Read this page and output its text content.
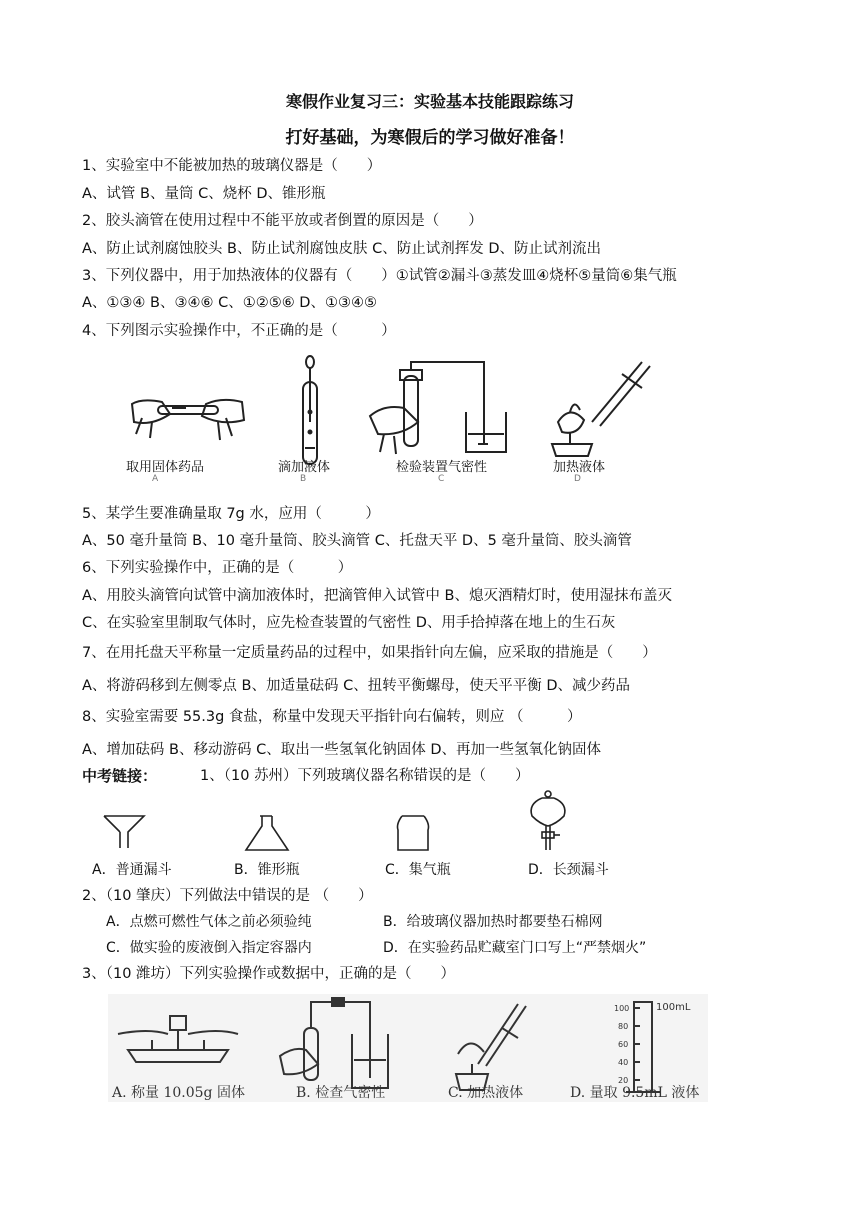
寒假作业复习三：实验基本技能跟踪练习
打好基础，为寒假后的学习做好准备！
1、实验室中不能被加热的玻璃仪器是（　　）
A、试管 B、量筒 C、烧杯 D、锥形瓶
2、胶头滴管在使用过程中不能平放或者倒置的原因是（　　）
A、防止试剂腐蚀胶头 B、防止试剂腐蚀皮肤 C、防止试剂挥发 D、防止试剂流出
3、下列仪器中，用于加热液体的仪器有（　　）①试管②漏斗③蒸发皿④烧杯⑤量筒⑥集气瓶
A、①③④ B、③④⑥ C、①②⑤⑥ D、①③④⑤
4、下列图示实验操作中，不正确的是（　　　）
取用固体药品	滴加液体	检验装置气密性	加热液体
A	B	C	D
5、某学生要准确量取 7g 水，应用（　　　）
A、50 毫升量筒 B、10 毫升量筒、胶头滴管 C、托盘天平 D、5 毫升量筒、胶头滴管
6、下列实验操作中，正确的是（　　　）
A、用胶头滴管向试管中滴加液体时，把滴管伸入试管中 B、熄灭酒精灯时，使用湿抹布盖灭
C、在实验室里制取气体时，应先检查装置的气密性 D、用手拾掉落在地上的生石灰
7、在用托盘天平称量一定质量药品的过程中，如果指针向左偏，应采取的措施是（　　）
A、将游码移到左侧零点 B、加适量砝码 C、扭转平衡螺母，使天平平衡 D、减少药品
8、实验室需要 55.3g 食盐，称量中发现天平指针向右偏转，则应 （　　　）
A、增加砝码 B、移动游码 C、取出一些氢氧化钠固体 D、再加一些氢氧化钠固体
中考链接：	1、（10 苏州）下列玻璃仪器名称错误的是（　　）
A．普通漏斗	B．锥形瓶	C．集气瓶	D．长颈漏斗
2、（10 肇庆）下列做法中错误的是 （　　）
A．点燃可燃性气体之前必须验纯	B．给玻璃仪器加热时都要垫石棉网
C．做实验的废液倒入指定容器内	D．在实验药品贮藏室门口写上“严禁烟火”
3、（10 潍坊）下列实验操作或数据中，正确的是（　　）
100mL
100
80
60
40
20
A. 称量 10.05g 固体	B. 检查气密性	C. 加热液体	D. 量取 9.5mL 液体
